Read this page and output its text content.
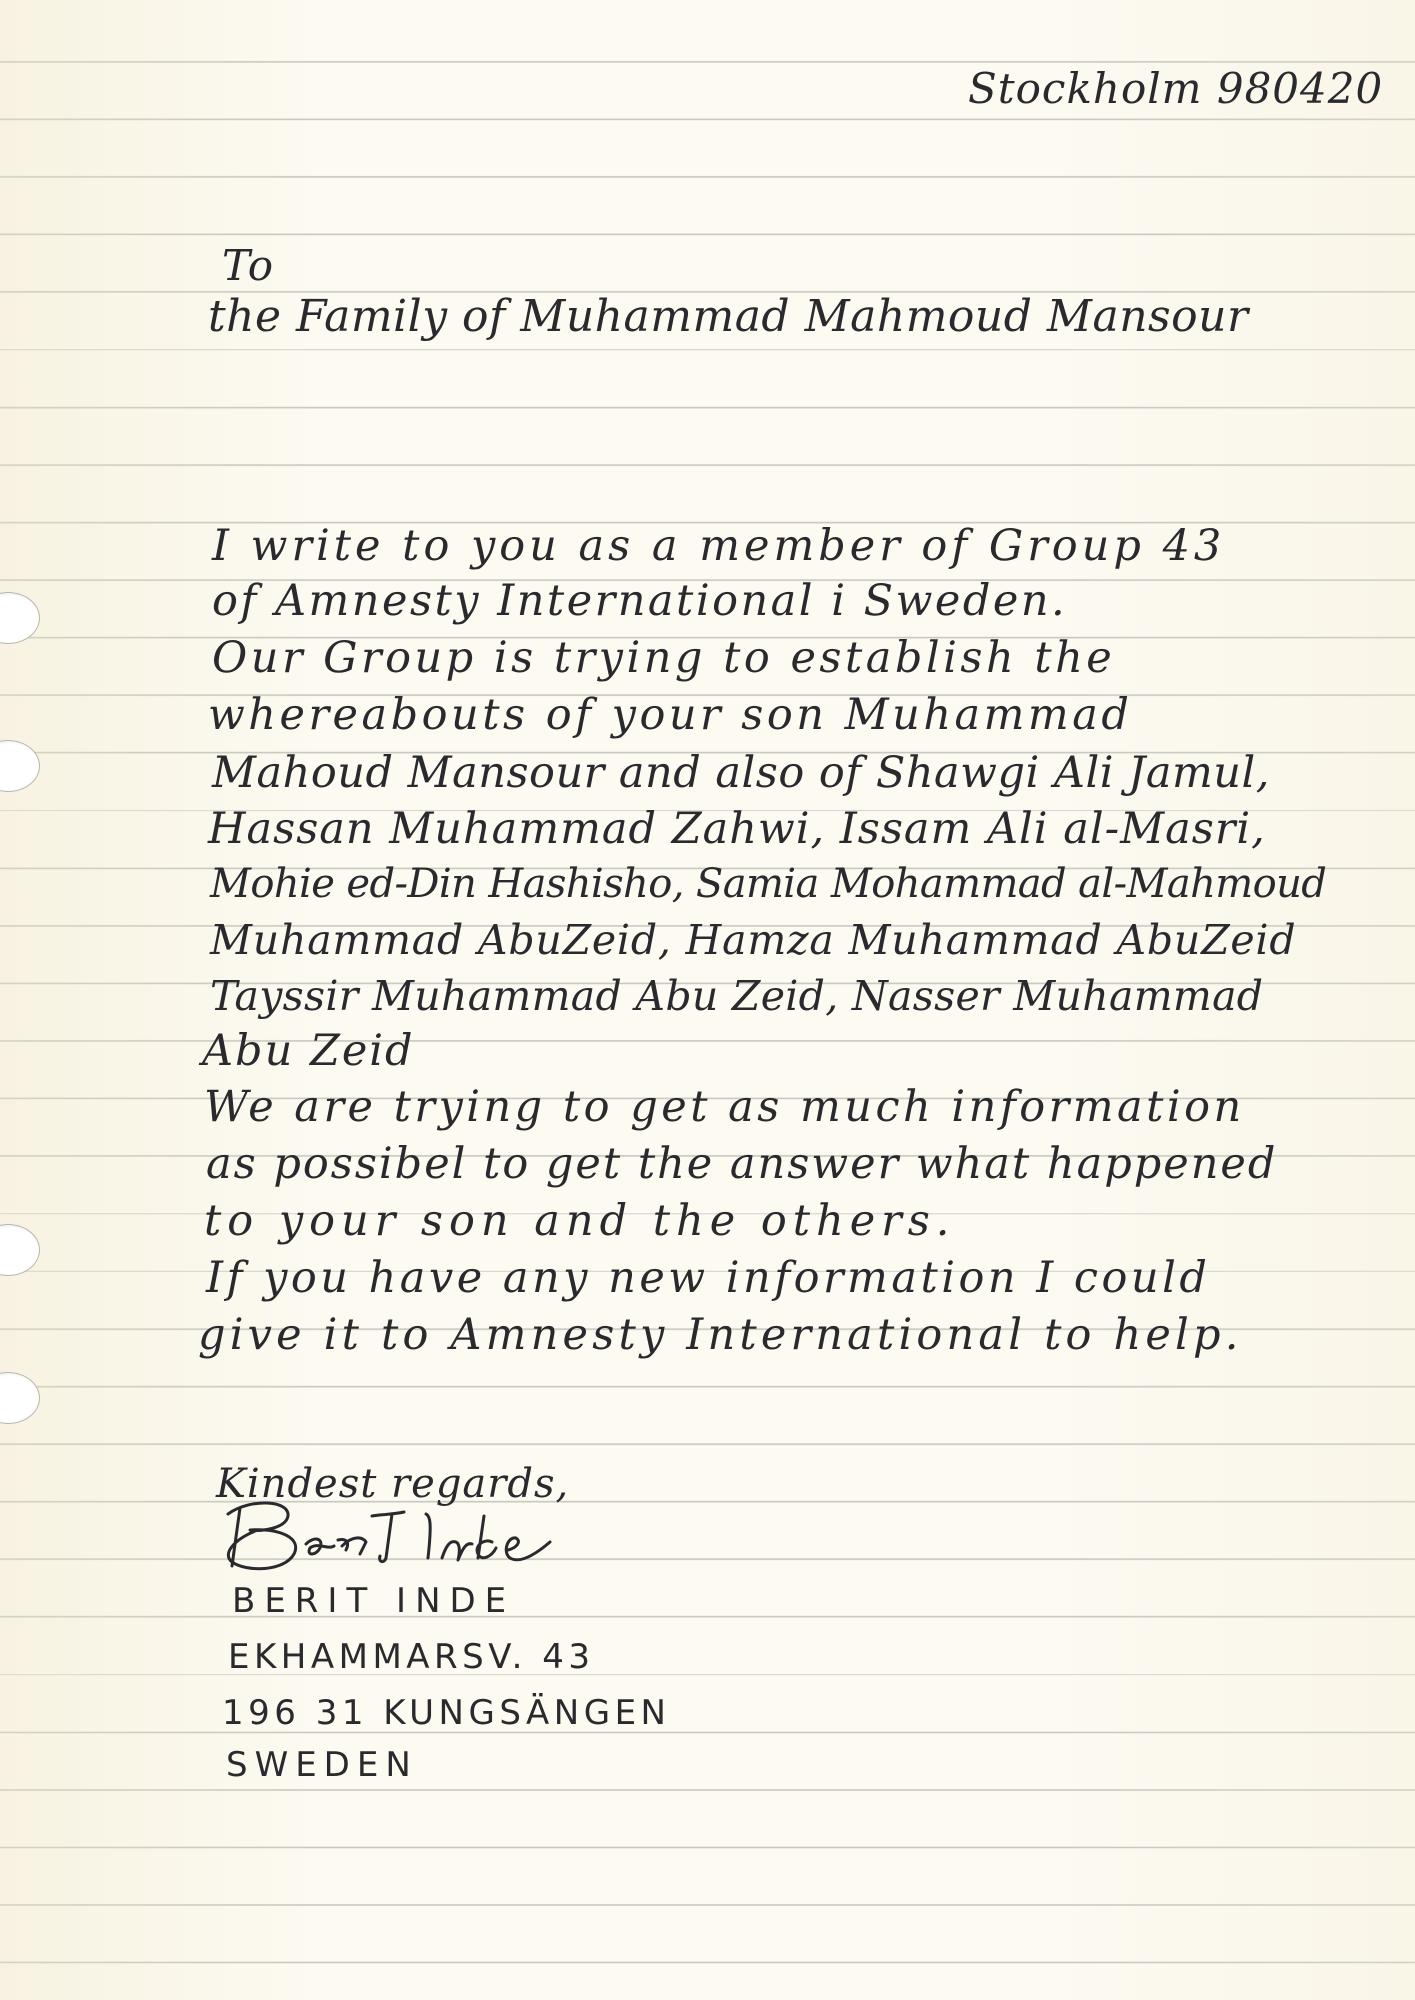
Stockholm 980420

To

the Family of Muhammad Mahmoud Mansour

I write to you as a member of Group 43

of Amnesty International i Sweden.

Our Group is trying to establish the

whereabouts of your son Muhammad

Mahoud Mansour and also of Shawgi Ali Jamul,

Hassan Muhammad Zahwi, Issam Ali al-Masri,

Mohie ed-Din Hashisho, Samia Mohammad al-Mahmoud

Muhammad AbuZeid, Hamza Muhammad AbuZeid

Tayssir Muhammad Abu Zeid, Nasser Muhammad

Abu Zeid

We are trying to get as much information

as possibel to get the answer what happened

to your son and the others.

If you have any new information I could

give it to Amnesty International to help.

Kindest regards,

BERIT INDE

EKHAMMARSV. 43

196 31 KUNGSÄNGEN

SWEDEN
